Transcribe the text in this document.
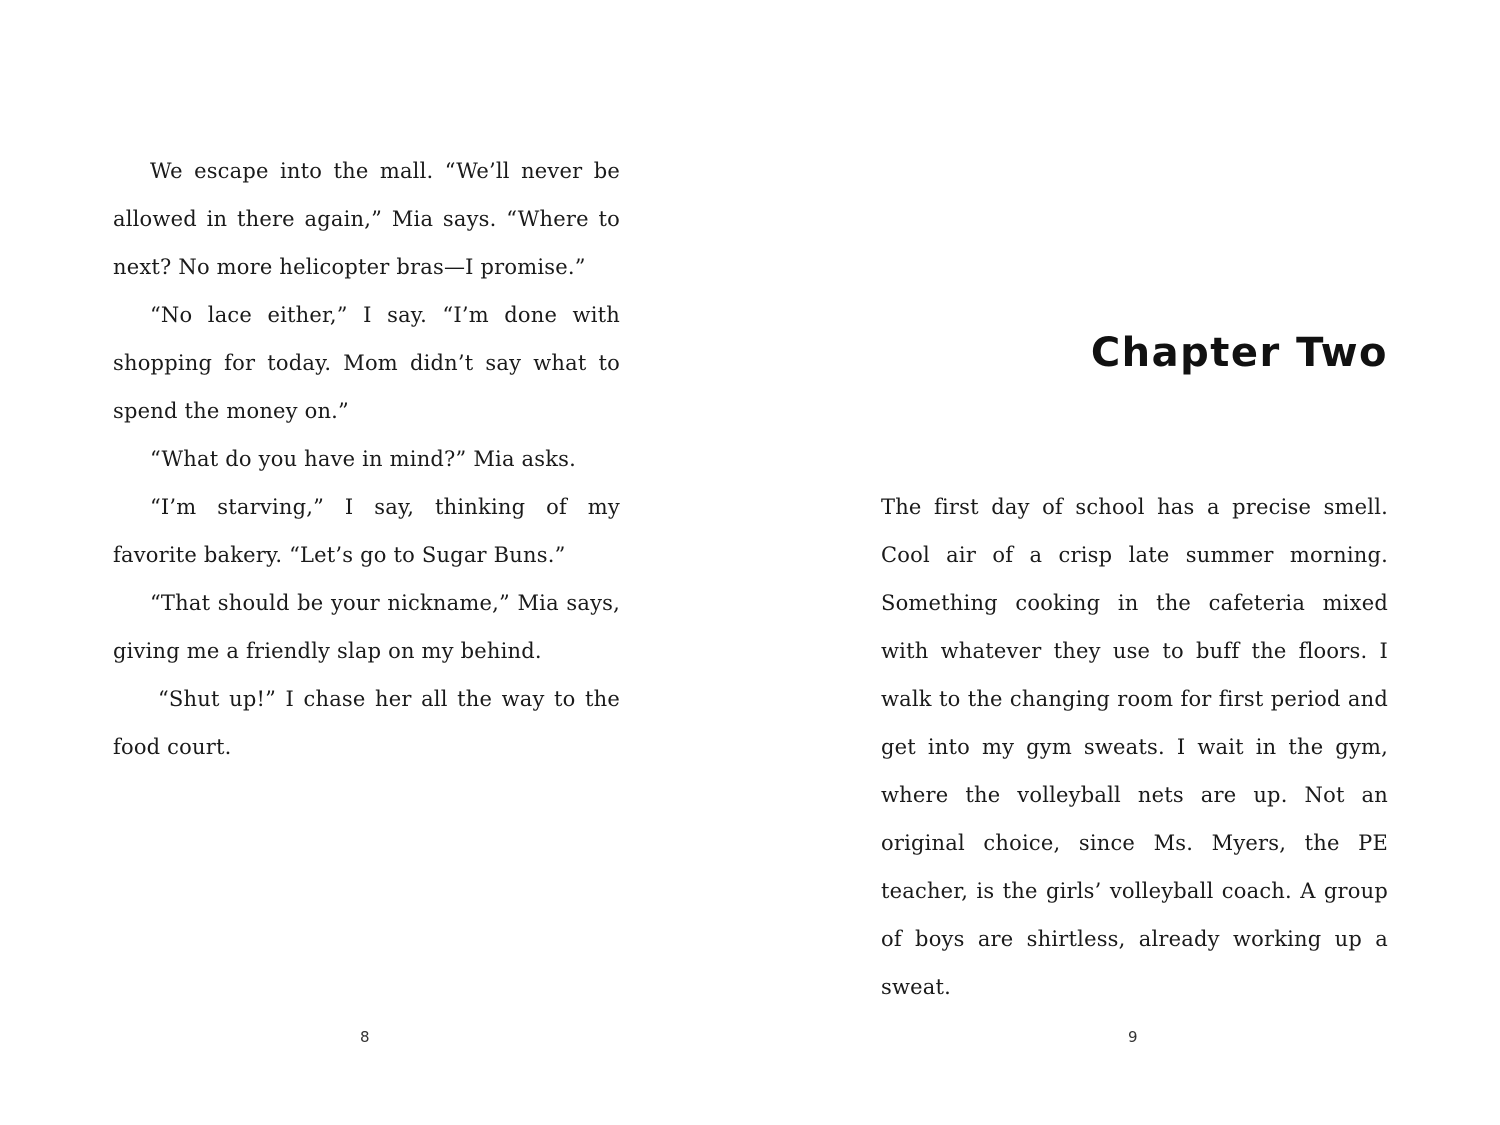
We escape into the mall. “We’ll never be allowed in there again,” Mia says. “Where to next? No more helicopter bras—I promise.”

“No lace either,” I say. “I’m done with shopping for today. Mom didn’t say what to spend the money on.”

“What do you have in mind?” Mia asks.

“I’m starving,” I say, thinking of my favorite bakery. “Let’s go to Sugar Buns.”

“That should be your nickname,” Mia says, giving me a friendly slap on my behind.

“Shut up!” I chase her all the way to the food court.

8
Chapter Two

The first day of school has a precise smell. Cool air of a crisp late summer morning. Something cooking in the cafeteria mixed with whatever they use to buff the floors. I walk to the changing room for first period and get into my gym sweats. I wait in the gym, where the volleyball nets are up. Not an original choice, since Ms. Myers, the PE teacher, is the girls’ volleyball coach. A group of boys are shirtless, already working up a sweat.

9
